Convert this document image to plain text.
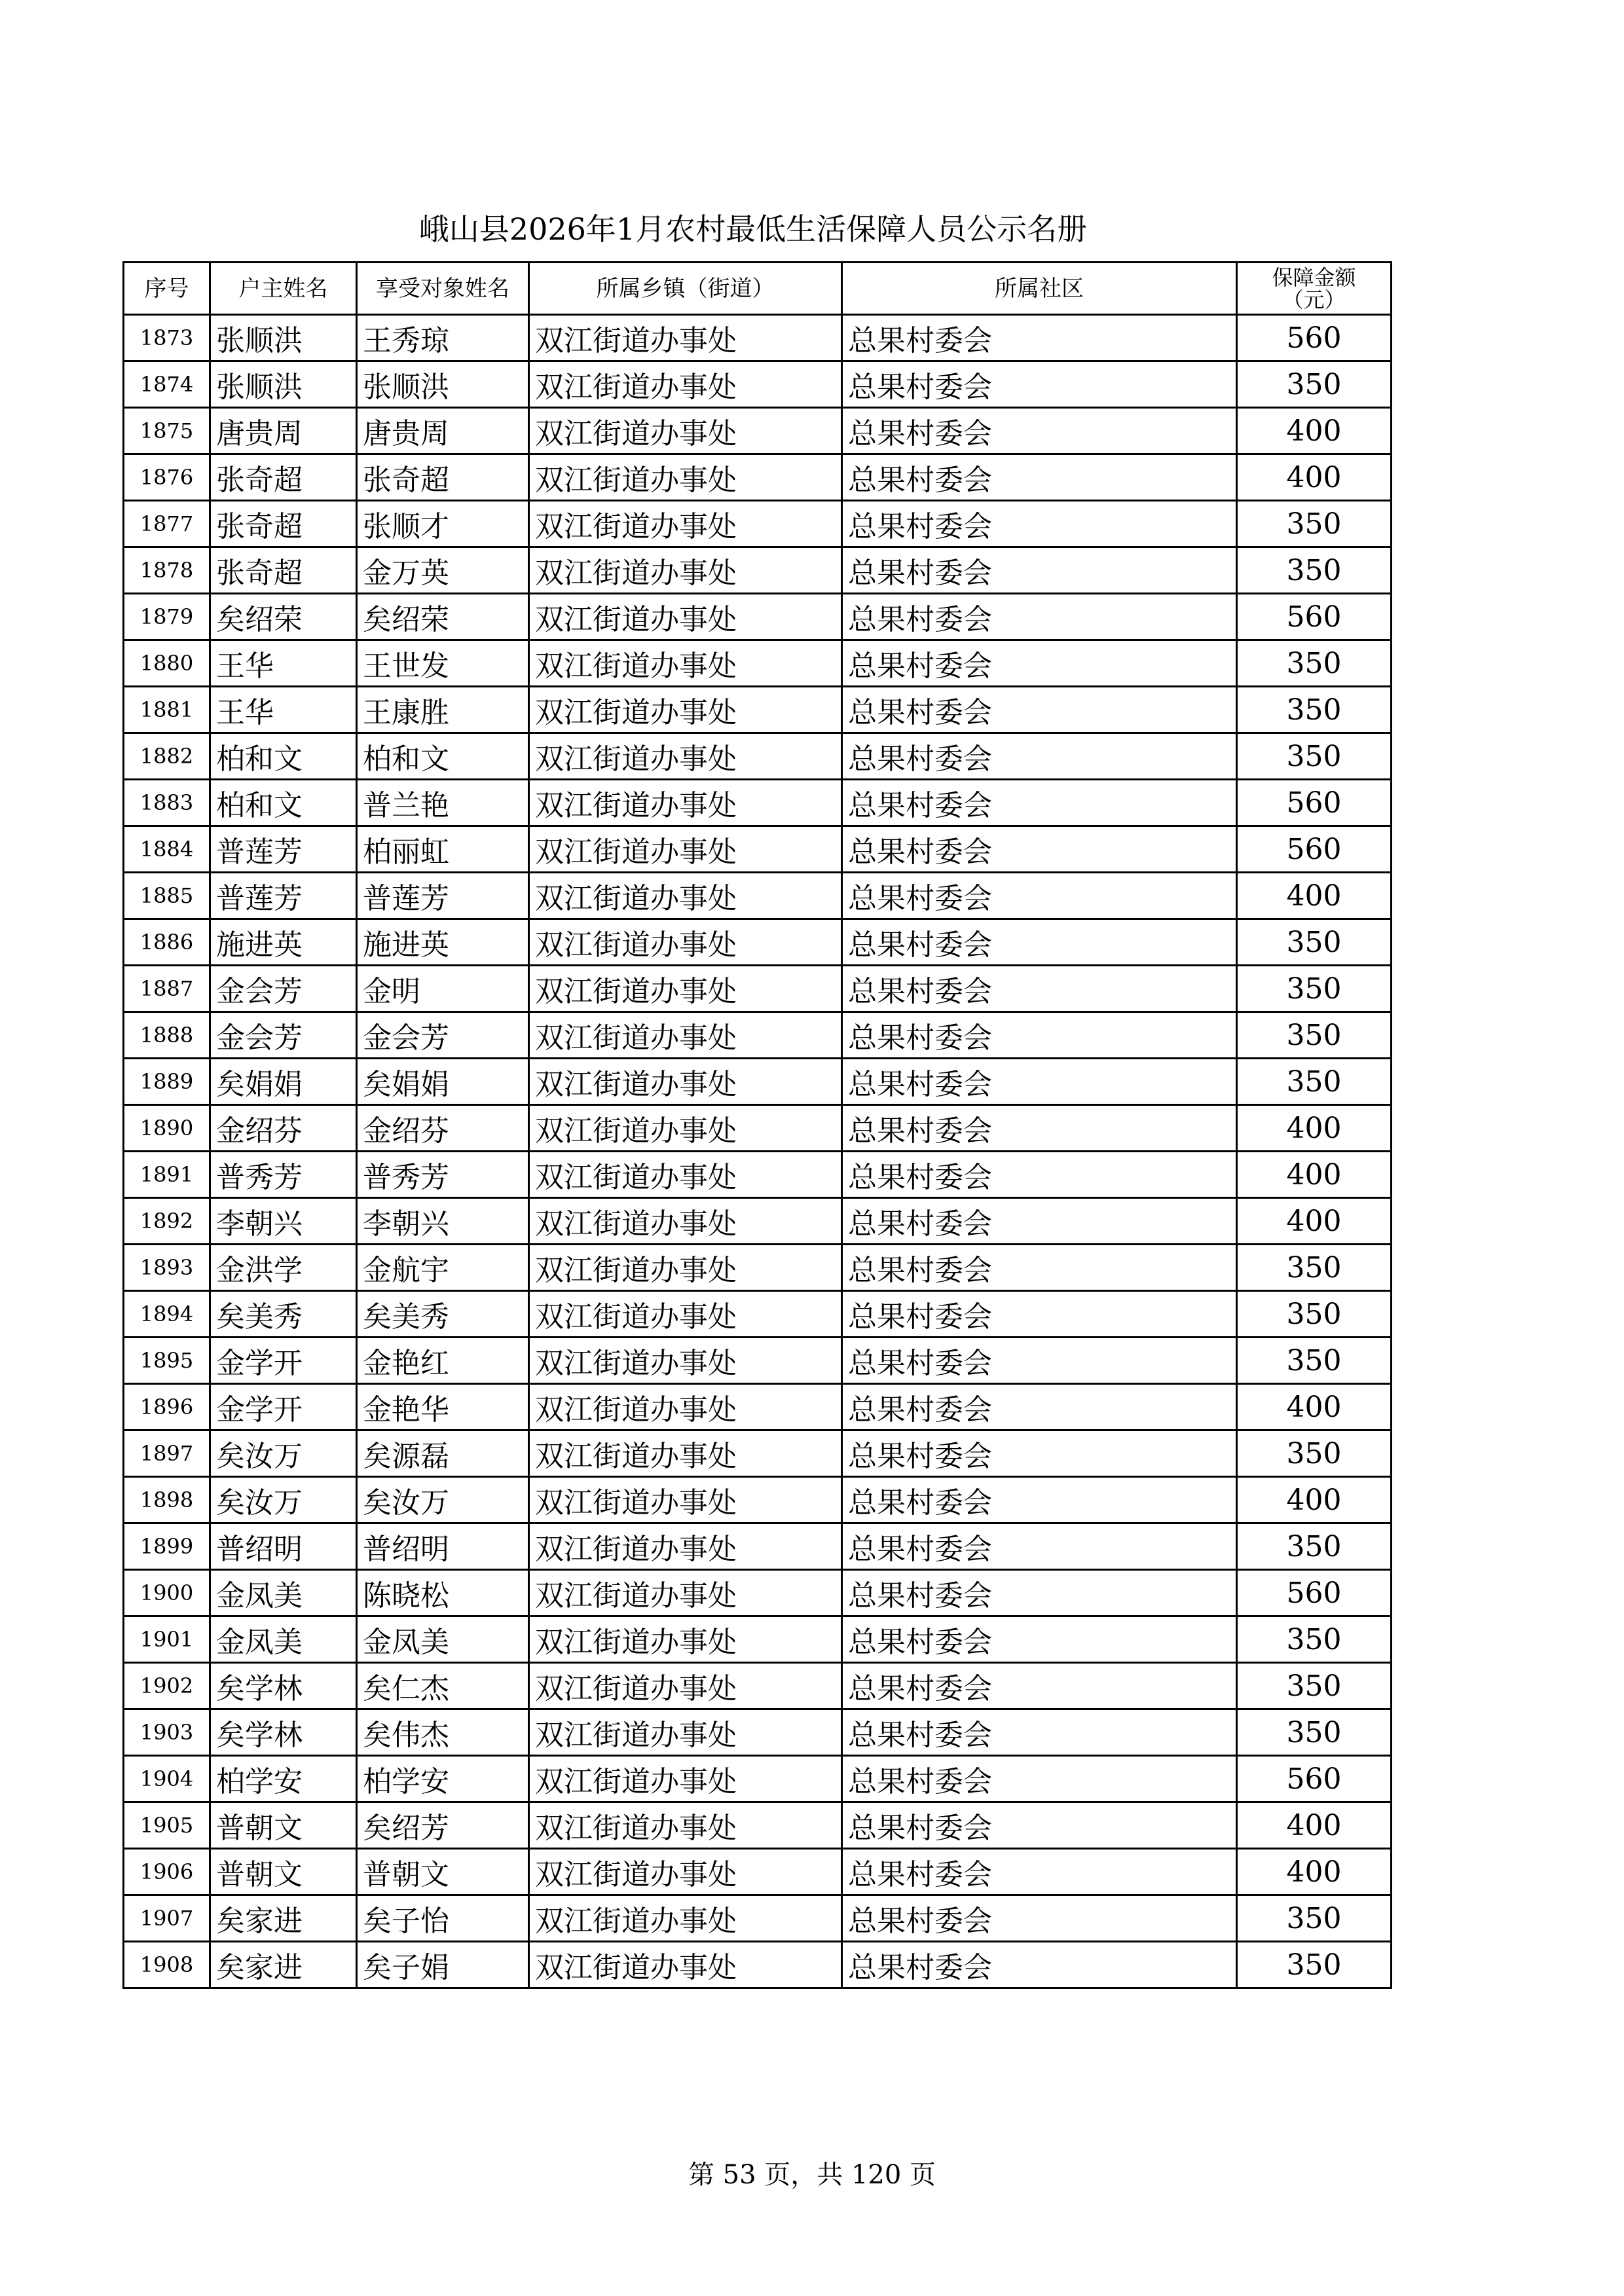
峨山县2026年1月农村最低生活保障人员公示名册
序号	户主姓名	享受对象姓名	所属乡镇（街道）	所属社区	保障金额
（元）
1873	张顺洪	王秀琼	双江街道办事处	总果村委会	560
1874	张顺洪	张顺洪	双江街道办事处	总果村委会	350
1875	唐贵周	唐贵周	双江街道办事处	总果村委会	400
1876	张奇超	张奇超	双江街道办事处	总果村委会	400
1877	张奇超	张顺才	双江街道办事处	总果村委会	350
1878	张奇超	金万英	双江街道办事处	总果村委会	350
1879	矣绍荣	矣绍荣	双江街道办事处	总果村委会	560
1880	王华	王世发	双江街道办事处	总果村委会	350
1881	王华	王康胜	双江街道办事处	总果村委会	350
1882	柏和文	柏和文	双江街道办事处	总果村委会	350
1883	柏和文	普兰艳	双江街道办事处	总果村委会	560
1884	普莲芳	柏丽虹	双江街道办事处	总果村委会	560
1885	普莲芳	普莲芳	双江街道办事处	总果村委会	400
1886	施进英	施进英	双江街道办事处	总果村委会	350
1887	金会芳	金明	双江街道办事处	总果村委会	350
1888	金会芳	金会芳	双江街道办事处	总果村委会	350
1889	矣娟娟	矣娟娟	双江街道办事处	总果村委会	350
1890	金绍芬	金绍芬	双江街道办事处	总果村委会	400
1891	普秀芳	普秀芳	双江街道办事处	总果村委会	400
1892	李朝兴	李朝兴	双江街道办事处	总果村委会	400
1893	金洪学	金航宇	双江街道办事处	总果村委会	350
1894	矣美秀	矣美秀	双江街道办事处	总果村委会	350
1895	金学开	金艳红	双江街道办事处	总果村委会	350
1896	金学开	金艳华	双江街道办事处	总果村委会	400
1897	矣汝万	矣源磊	双江街道办事处	总果村委会	350
1898	矣汝万	矣汝万	双江街道办事处	总果村委会	400
1899	普绍明	普绍明	双江街道办事处	总果村委会	350
1900	金凤美	陈晓松	双江街道办事处	总果村委会	560
1901	金凤美	金凤美	双江街道办事处	总果村委会	350
1902	矣学林	矣仁杰	双江街道办事处	总果村委会	350
1903	矣学林	矣伟杰	双江街道办事处	总果村委会	350
1904	柏学安	柏学安	双江街道办事处	总果村委会	560
1905	普朝文	矣绍芳	双江街道办事处	总果村委会	400
1906	普朝文	普朝文	双江街道办事处	总果村委会	400
1907	矣家进	矣子怡	双江街道办事处	总果村委会	350
1908	矣家进	矣子娟	双江街道办事处	总果村委会	350
第 53 页，共 120 页
